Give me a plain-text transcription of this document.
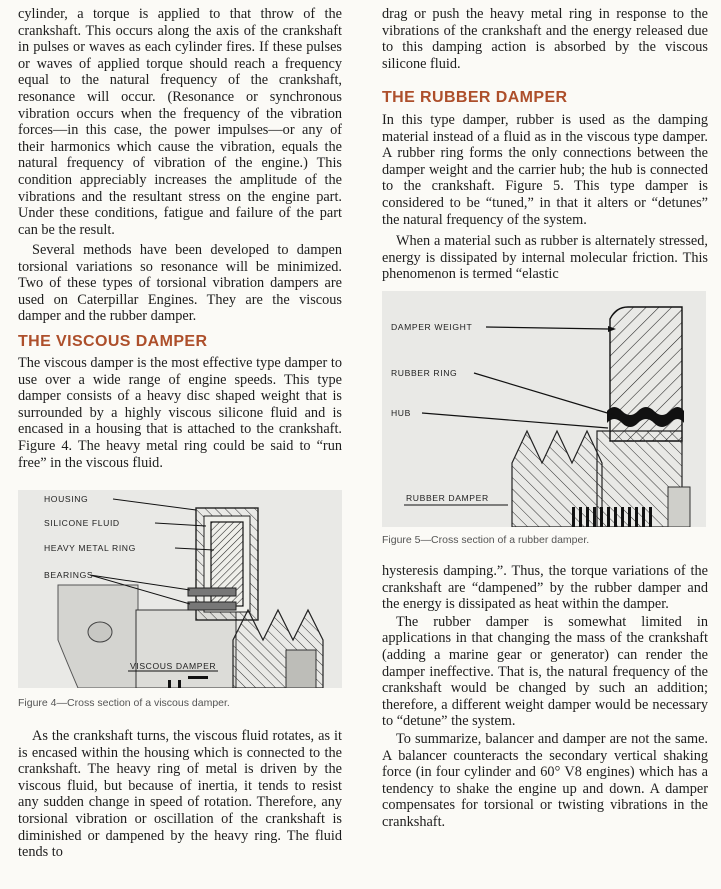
cylinder, a torque is applied to that throw of the crankshaft. This occurs along the axis of the crankshaft in pulses or waves as each cylinder fires. If these pulses or waves of applied torque should reach a frequency equal to the natural frequency of the crankshaft, resonance will occur. (Resonance or synchronous vibration occurs when the frequency of the vibration forces—in this case, the power impulses—or any of their harmonics which cause the vibration, equals the natural frequency of vibration of the engine.) This condition appreciably increases the amplitude of the vibrations and the resultant stress on the engine part. Under these conditions, fatigue and failure of the part can be the result.

Several methods have been developed to dampen torsional variations so resonance will be minimized. Two of these types of torsional vibration dampers are used on Caterpillar Engines. They are the viscous damper and the rubber damper.

THE VISCOUS DAMPER

The viscous damper is the most effective type damper to use over a wide range of engine speeds. This type damper consists of a heavy disc shaped weight that is surrounded by a highly viscous silicone fluid and is encased in a housing that is attached to the crankshaft. Figure 4. The heavy metal ring could be said to “run free” in the viscous fluid.

HOUSING
SILICONE FLUID
HEAVY METAL RING
BEARINGS
VISCOUS DAMPER

Figure 4—Cross section of a viscous damper.

As the crankshaft turns, the viscous fluid rotates, as it is encased within the housing which is connected to the crankshaft. The heavy ring of metal is driven by the viscous fluid, but because of inertia, it tends to resist any sudden change in speed of rotation. Therefore, any torsional vibration or oscillation of the crankshaft is diminished or dampened by the heavy ring. The fluid tends to

drag or push the heavy metal ring in response to the vibrations of the crankshaft and the energy released due to this damping action is absorbed by the viscous silicone fluid.

THE RUBBER DAMPER

In this type damper, rubber is used as the damping material instead of a fluid as in the viscous type damper. A rubber ring forms the only connections between the damper weight and the carrier hub; the hub is connected to the crankshaft. Figure 5. This type damper is considered to be “tuned,” in that it alters or “detunes” the natural frequency of the system.

When a material such as rubber is alternately stressed, energy is dissipated by internal molecular friction. This phenomenon is termed “elastic

DAMPER WEIGHT
RUBBER RING
HUB
RUBBER DAMPER

Figure 5—Cross section of a rubber damper.

hysteresis damping.”. Thus, the torque variations of the crankshaft are “dampened” by the rubber damper and the energy is dissipated as heat within the damper.

The rubber damper is somewhat limited in applications in that changing the mass of the crankshaft (adding a marine gear or generator) can render the damper ineffective. That is, the natural frequency of the crankshaft would be changed by such an addition; therefore, a different weight damper would be necessary to “detune” the system.

To summarize, balancer and damper are not the same. A balancer counteracts the secondary vertical shaking force (in four cylinder and 60° V8 engines) which has a tendency to shake the engine up and down. A damper compensates for torsional or twisting vibrations in the crankshaft.
